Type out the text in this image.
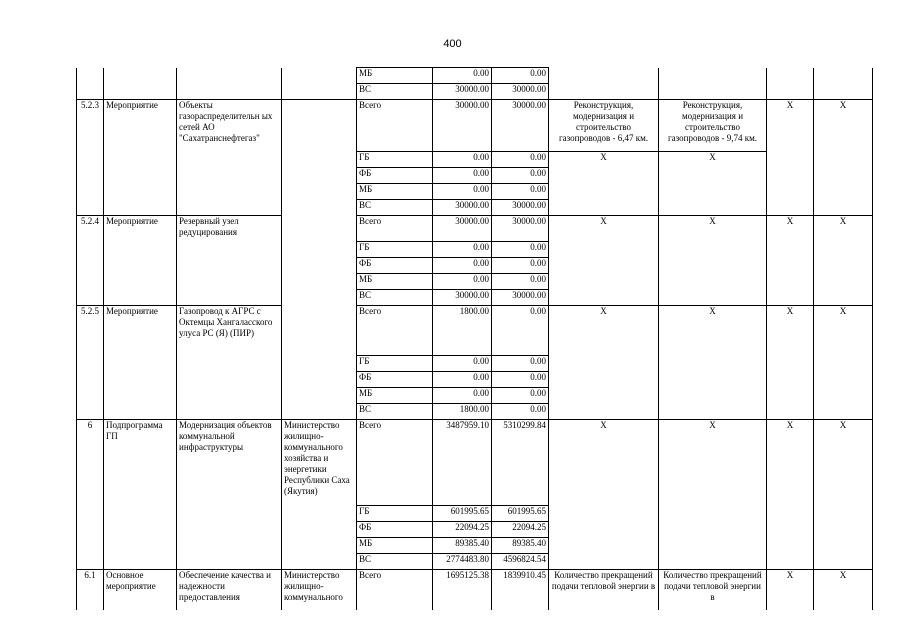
400
				МБ	0.00	0.00				
				ВС	30000.00	30000.00				
5.2.3	Мероприятие	Объекты газораспределительн ых сетей АО "Сахатранснефтегаз"		Всего	30000.00	30000.00	Реконструкция, модернизация и строительство газопроводов - 6,47 км.	Реконструкция, модернизация и строительство газопроводов - 9,74 км.	Х	Х
				ГБ	0.00	0.00	Х	Х		
				ФБ	0.00	0.00				
				МБ	0.00	0.00				
				ВС	30000.00	30000.00				
5.2.4	Мероприятие	Резервный узел редуцирования		Всего	30000.00	30000.00	Х	Х	Х	Х
				ГБ	0.00	0.00				
				ФБ	0.00	0.00				
				МБ	0.00	0.00				
				ВС	30000.00	30000.00				
5.2.5	Мероприятие	Газопровод к АГРС с Октемцы Хангаласского улуса РС (Я) (ПИР)		Всего	1800.00	0.00	Х	Х	Х	Х
				ГБ	0.00	0.00				
				ФБ	0.00	0.00				
				МБ	0.00	0.00				
				ВС	1800.00	0.00				
6	Подпрограмма ГП	Модернизация объектов коммунальной инфраструктуры	Министерство жилищно-коммунального хозяйства и энергетики Республики Саха (Якутия)	Всего	3487959.10	5310299.84	Х	Х	Х	Х
				ГБ	601995.65	601995.65				
				ФБ	22094.25	22094.25				
				МБ	89385.40	89385.40				
				ВС	2774483.80	4596824.54				
6.1	Основное мероприятие	Обеспечение качества и надежности предоставления	Министерство жилищно-коммунального	Всего	1695125.38	1839910.45	Количество прекращений подачи тепловой энергии в	Количество прекращений подачи тепловой энергии в	Х	Х
